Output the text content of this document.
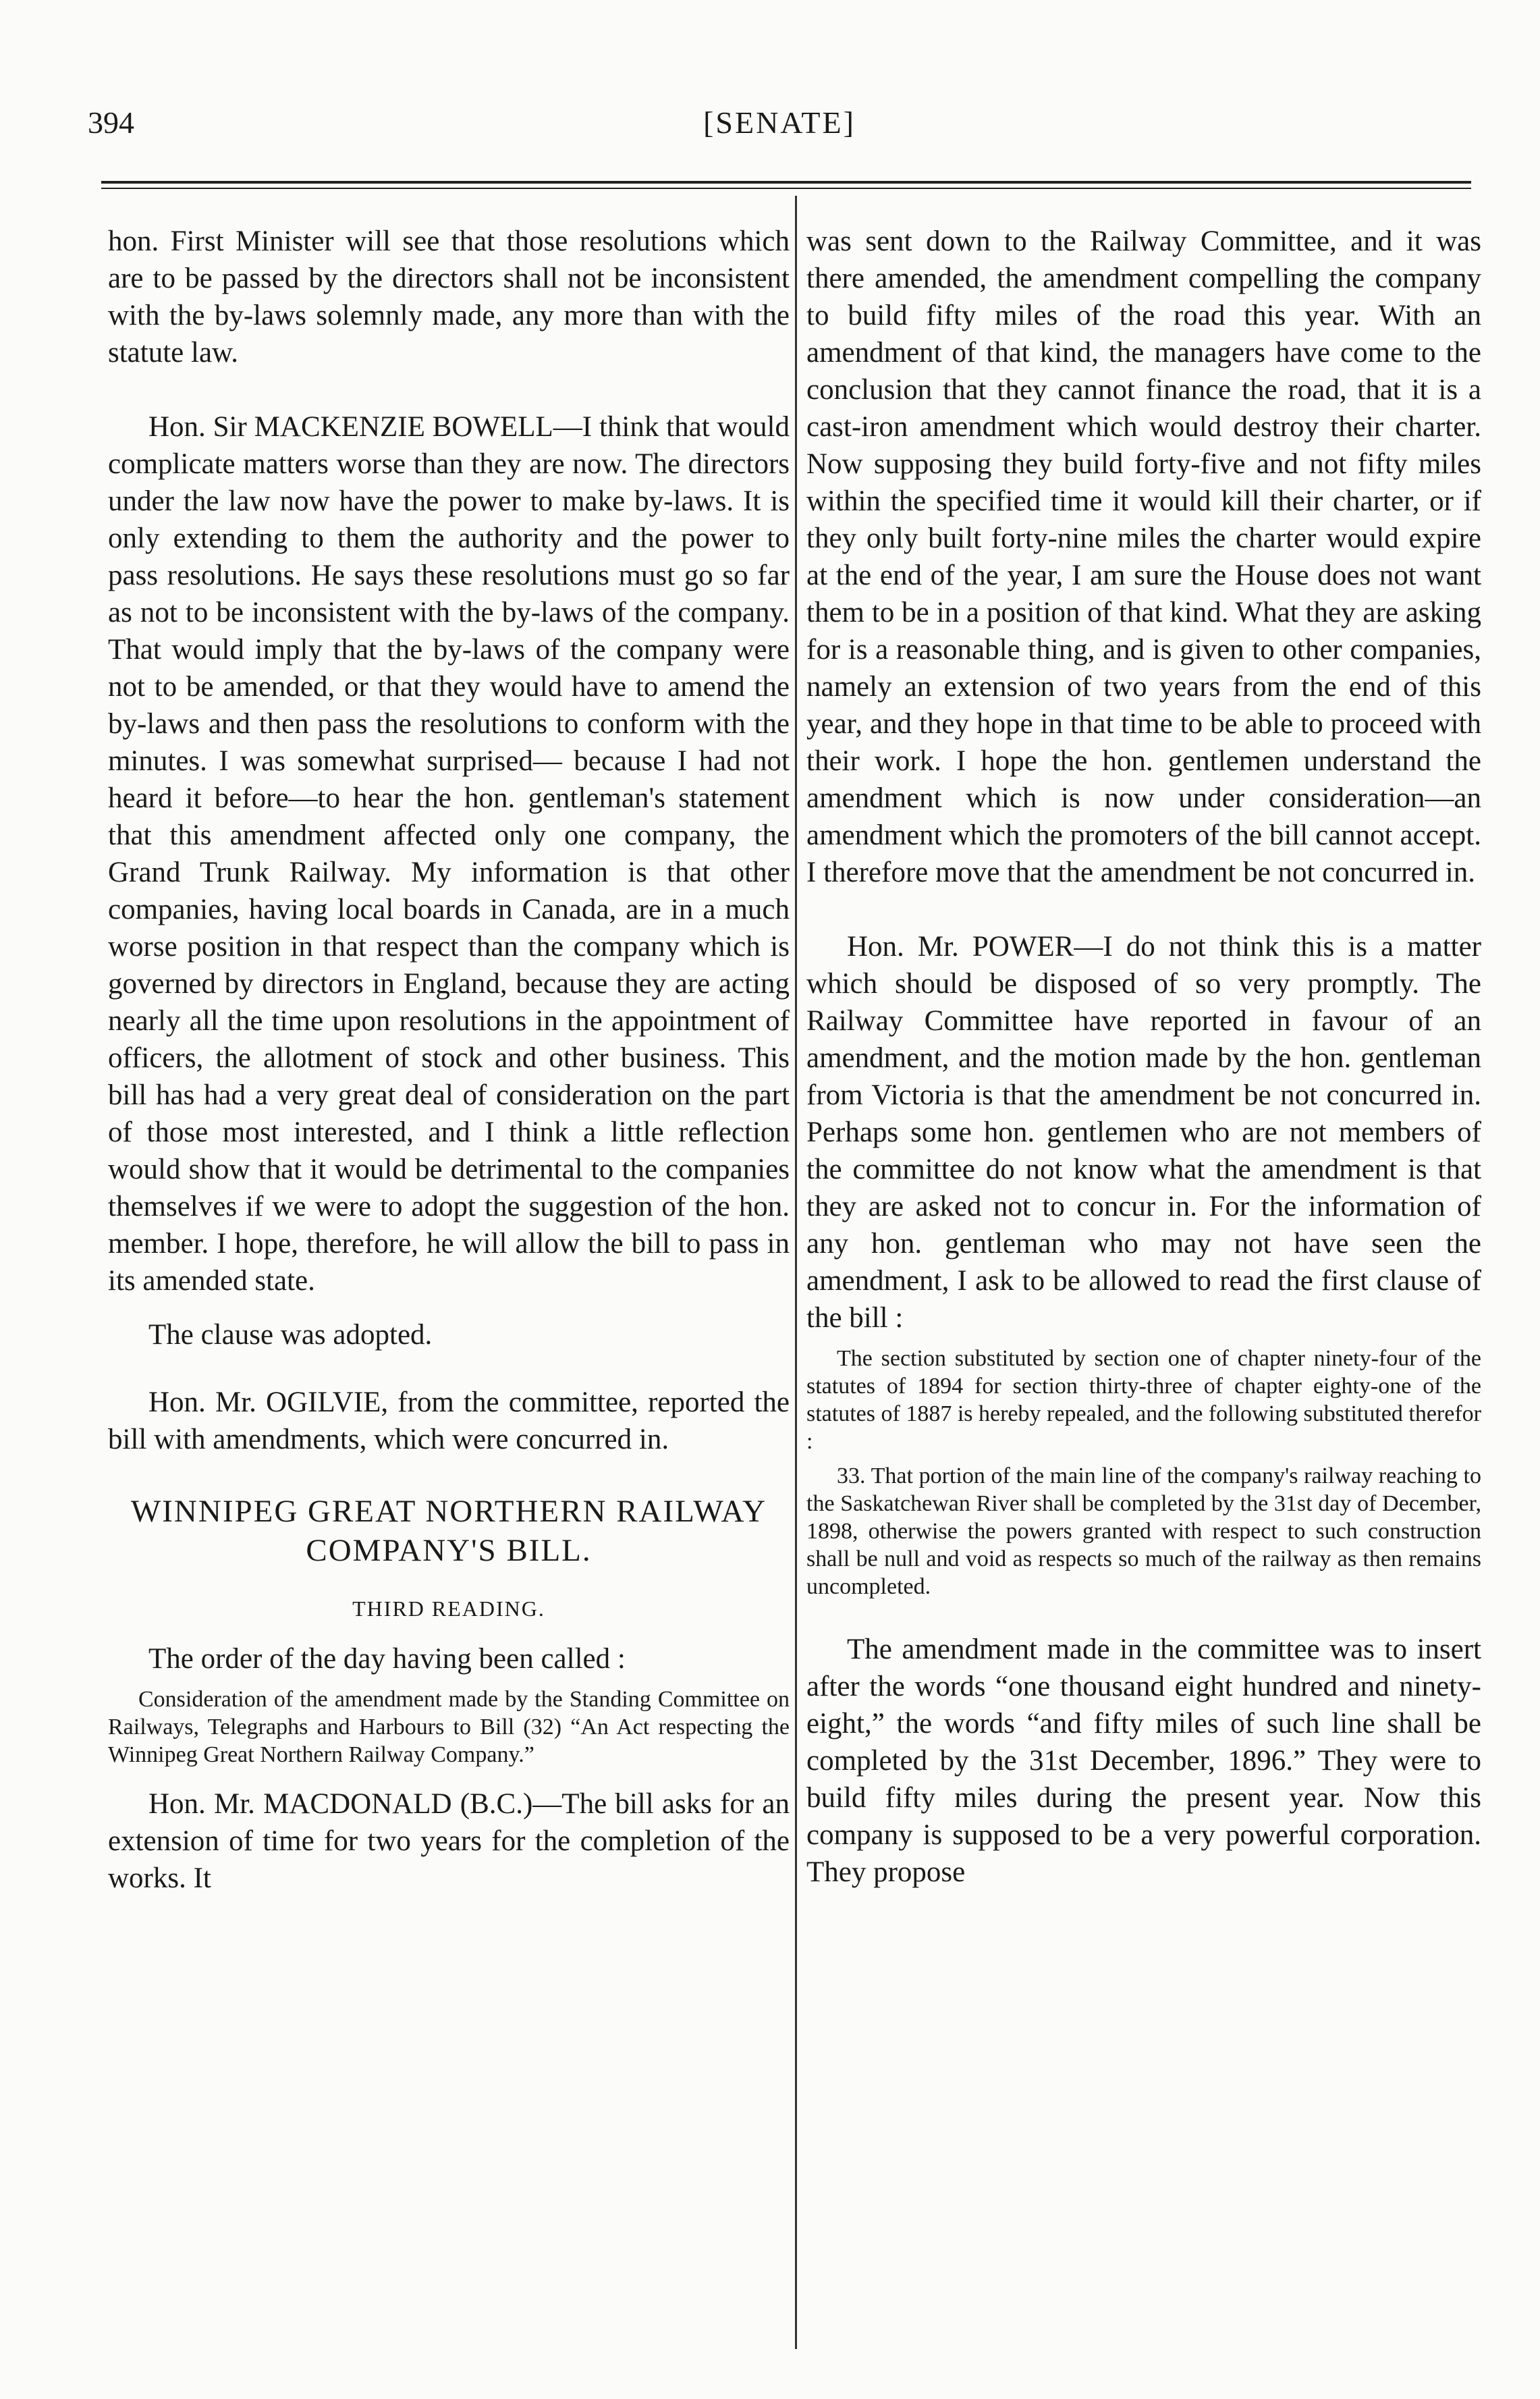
394	[SENATE]

hon. First Minister will see that those resolutions which are to be passed by the directors shall not be inconsistent with the by-laws solemnly made, any more than with the statute law.

Hon. Sir MACKENZIE BOWELL—I think that would complicate matters worse than they are now. The directors under the law now have the power to make by-laws. It is only extending to them the authority and the power to pass resolutions. He says these resolutions must go so far as not to be inconsistent with the by-laws of the company. That would imply that the by-laws of the company were not to be amended, or that they would have to amend the by-laws and then pass the resolutions to conform with the minutes. I was somewhat surprised— because I had not heard it before—to hear the hon. gentleman's statement that this amendment affected only one company, the Grand Trunk Railway. My information is that other companies, having local boards in Canada, are in a much worse position in that respect than the company which is governed by directors in England, because they are acting nearly all the time upon resolutions in the appointment of officers, the allotment of stock and other business. This bill has had a very great deal of consideration on the part of those most interested, and I think a little reflection would show that it would be detrimental to the companies themselves if we were to adopt the suggestion of the hon. member. I hope, therefore, he will allow the bill to pass in its amended state.

The clause was adopted.

Hon. Mr. OGILVIE, from the committee, reported the bill with amendments, which were concurred in.

WINNIPEG GREAT NORTHERN RAILWAY COMPANY'S BILL.

THIRD READING.

The order of the day having been called :

Consideration of the amendment made by the Standing Committee on Railways, Telegraphs and Harbours to Bill (32) “An Act respecting the Winnipeg Great Northern Railway Company.”

Hon. Mr. MACDONALD (B.C.)—The bill asks for an extension of time for two years for the completion of the works. It

was sent down to the Railway Committee, and it was there amended, the amendment compelling the company to build fifty miles of the road this year. With an amendment of that kind, the managers have come to the conclusion that they cannot finance the road, that it is a cast-iron amendment which would destroy their charter. Now supposing they build forty-five and not fifty miles within the specified time it would kill their charter, or if they only built forty-nine miles the charter would expire at the end of the year, I am sure the House does not want them to be in a position of that kind. What they are asking for is a reasonable thing, and is given to other companies, namely an extension of two years from the end of this year, and they hope in that time to be able to proceed with their work. I hope the hon. gentlemen understand the amendment which is now under consideration—an amendment which the promoters of the bill cannot accept. I therefore move that the amendment be not concurred in.

Hon. Mr. POWER—I do not think this is a matter which should be disposed of so very promptly. The Railway Committee have reported in favour of an amendment, and the motion made by the hon. gentleman from Victoria is that the amendment be not concurred in. Perhaps some hon. gentlemen who are not members of the committee do not know what the amendment is that they are asked not to concur in. For the information of any hon. gentleman who may not have seen the amendment, I ask to be allowed to read the first clause of the bill :

The section substituted by section one of chapter ninety-four of the statutes of 1894 for section thirty-three of chapter eighty-one of the statutes of 1887 is hereby repealed, and the following substituted therefor :

33. That portion of the main line of the company's railway reaching to the Saskatchewan River shall be completed by the 31st day of December, 1898, otherwise the powers granted with respect to such construction shall be null and void as respects so much of the railway as then remains uncompleted.

The amendment made in the committee was to insert after the words “one thousand eight hundred and ninety-eight,” the words “and fifty miles of such line shall be completed by the 31st December, 1896.” They were to build fifty miles during the present year. Now this company is supposed to be a very powerful corporation. They propose
